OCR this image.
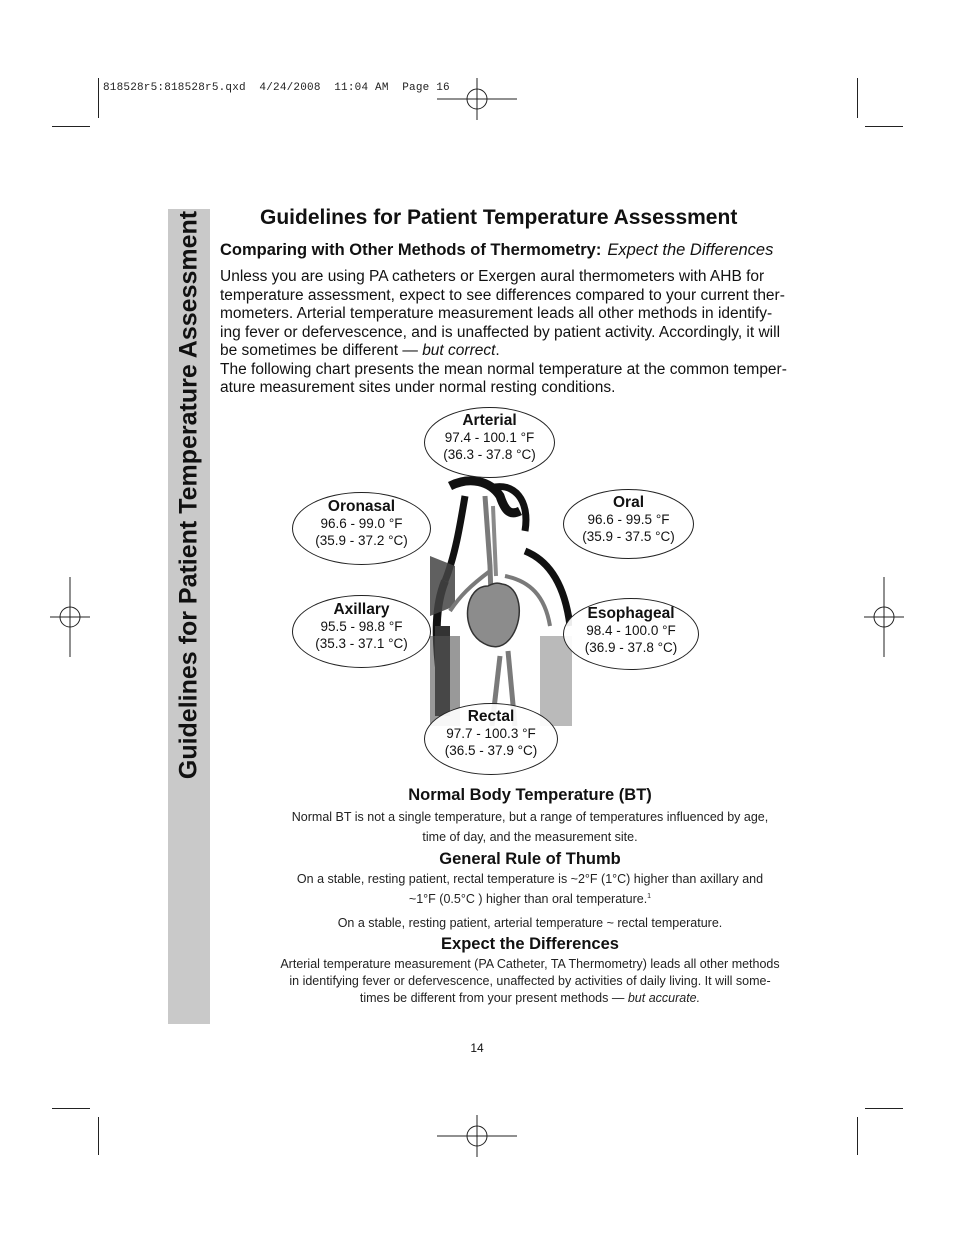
818528r5:818528r5.qxd  4/24/2008  11:04 AM  Page 16
Guidelines for Patient Temperature Assessment	Guidelines for Patient Temperature Assessment
Comparing with Other Methods of Thermometry: Expect the Differences

Unless you are using PA catheters or Exergen aural thermometers with AHB for

temperature assessment, expect to see differences compared to your current ther-

mometers. Arterial temperature measurement leads all other methods in identify-

ing fever or defervescence, and is unaffected by patient activity. Accordingly, it will

be sometimes be different — but correct.

The following chart presents the mean normal temperature at the common temper-

ature measurement sites under normal resting conditions.

Arterial
97.4 - 100.1 °F
(36.3 - 37.8 °C)
Oronasal
96.6 - 99.0 °F
(35.9 - 37.2 °C)
Oral
96.6 - 99.5 °F
(35.9 - 37.5 °C)
Axillary
95.5 - 98.8 °F
(35.3 - 37.1 °C)
Esophageal
98.4 - 100.0 °F
(36.9 - 37.8 °C)
Rectal
97.7 - 100.3 °F
(36.5 - 37.9 °C)
Normal Body Temperature (BT)

Normal BT is not a single temperature, but a range of temperatures influenced by age,

time of day, and the measurement site.

General Rule of Thumb

On a stable, resting patient, rectal temperature is ~2°F (1°C) higher than axillary and

~1°F (0.5°C ) higher than oral temperature.$^1$

On a stable, resting patient, arterial temperature ~ rectal temperature.

Expect the Differences

Arterial temperature measurement (PA Catheter, TA Thermometry) leads all other methods

in identifying fever or defervescence, unaffected by activities of daily living. It will some-

times be different from your present methods — but accurate.

14
